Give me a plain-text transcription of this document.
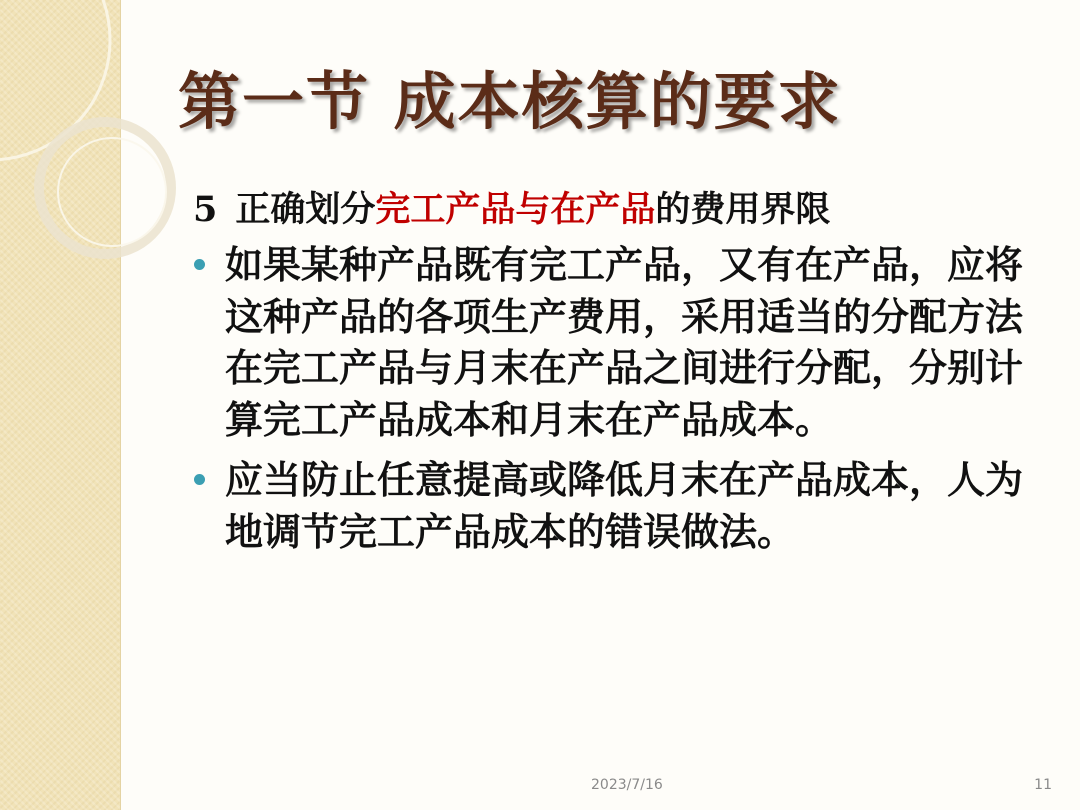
第一节 成本核算的要求
5 正确划分完工产品与在产品的费用界限
如果某种产品既有完工产品，又有在产品，应将这种产品的各项生产费用，采用适当的分配方法在完工产品与月末在产品之间进行分配，分别计算完工产品成本和月末在产品成本。
应当防止任意提高或降低月末在产品成本，人为地调节完工产品成本的错误做法。
2023/7/16	11
